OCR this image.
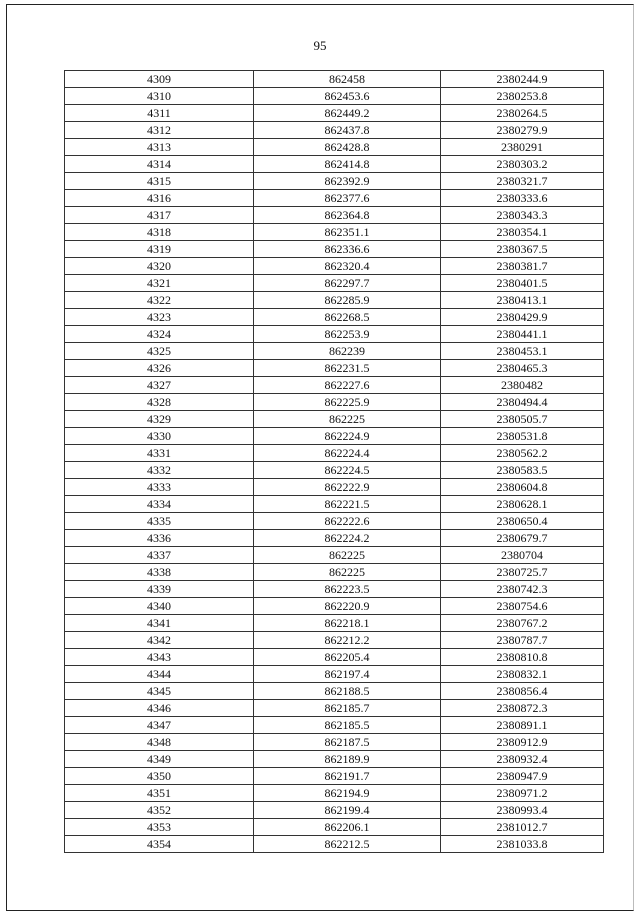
95
4309	862458	2380244.9
4310	862453.6	2380253.8
4311	862449.2	2380264.5
4312	862437.8	2380279.9
4313	862428.8	2380291
4314	862414.8	2380303.2
4315	862392.9	2380321.7
4316	862377.6	2380333.6
4317	862364.8	2380343.3
4318	862351.1	2380354.1
4319	862336.6	2380367.5
4320	862320.4	2380381.7
4321	862297.7	2380401.5
4322	862285.9	2380413.1
4323	862268.5	2380429.9
4324	862253.9	2380441.1
4325	862239	2380453.1
4326	862231.5	2380465.3
4327	862227.6	2380482
4328	862225.9	2380494.4
4329	862225	2380505.7
4330	862224.9	2380531.8
4331	862224.4	2380562.2
4332	862224.5	2380583.5
4333	862222.9	2380604.8
4334	862221.5	2380628.1
4335	862222.6	2380650.4
4336	862224.2	2380679.7
4337	862225	2380704
4338	862225	2380725.7
4339	862223.5	2380742.3
4340	862220.9	2380754.6
4341	862218.1	2380767.2
4342	862212.2	2380787.7
4343	862205.4	2380810.8
4344	862197.4	2380832.1
4345	862188.5	2380856.4
4346	862185.7	2380872.3
4347	862185.5	2380891.1
4348	862187.5	2380912.9
4349	862189.9	2380932.4
4350	862191.7	2380947.9
4351	862194.9	2380971.2
4352	862199.4	2380993.4
4353	862206.1	2381012.7
4354	862212.5	2381033.8
